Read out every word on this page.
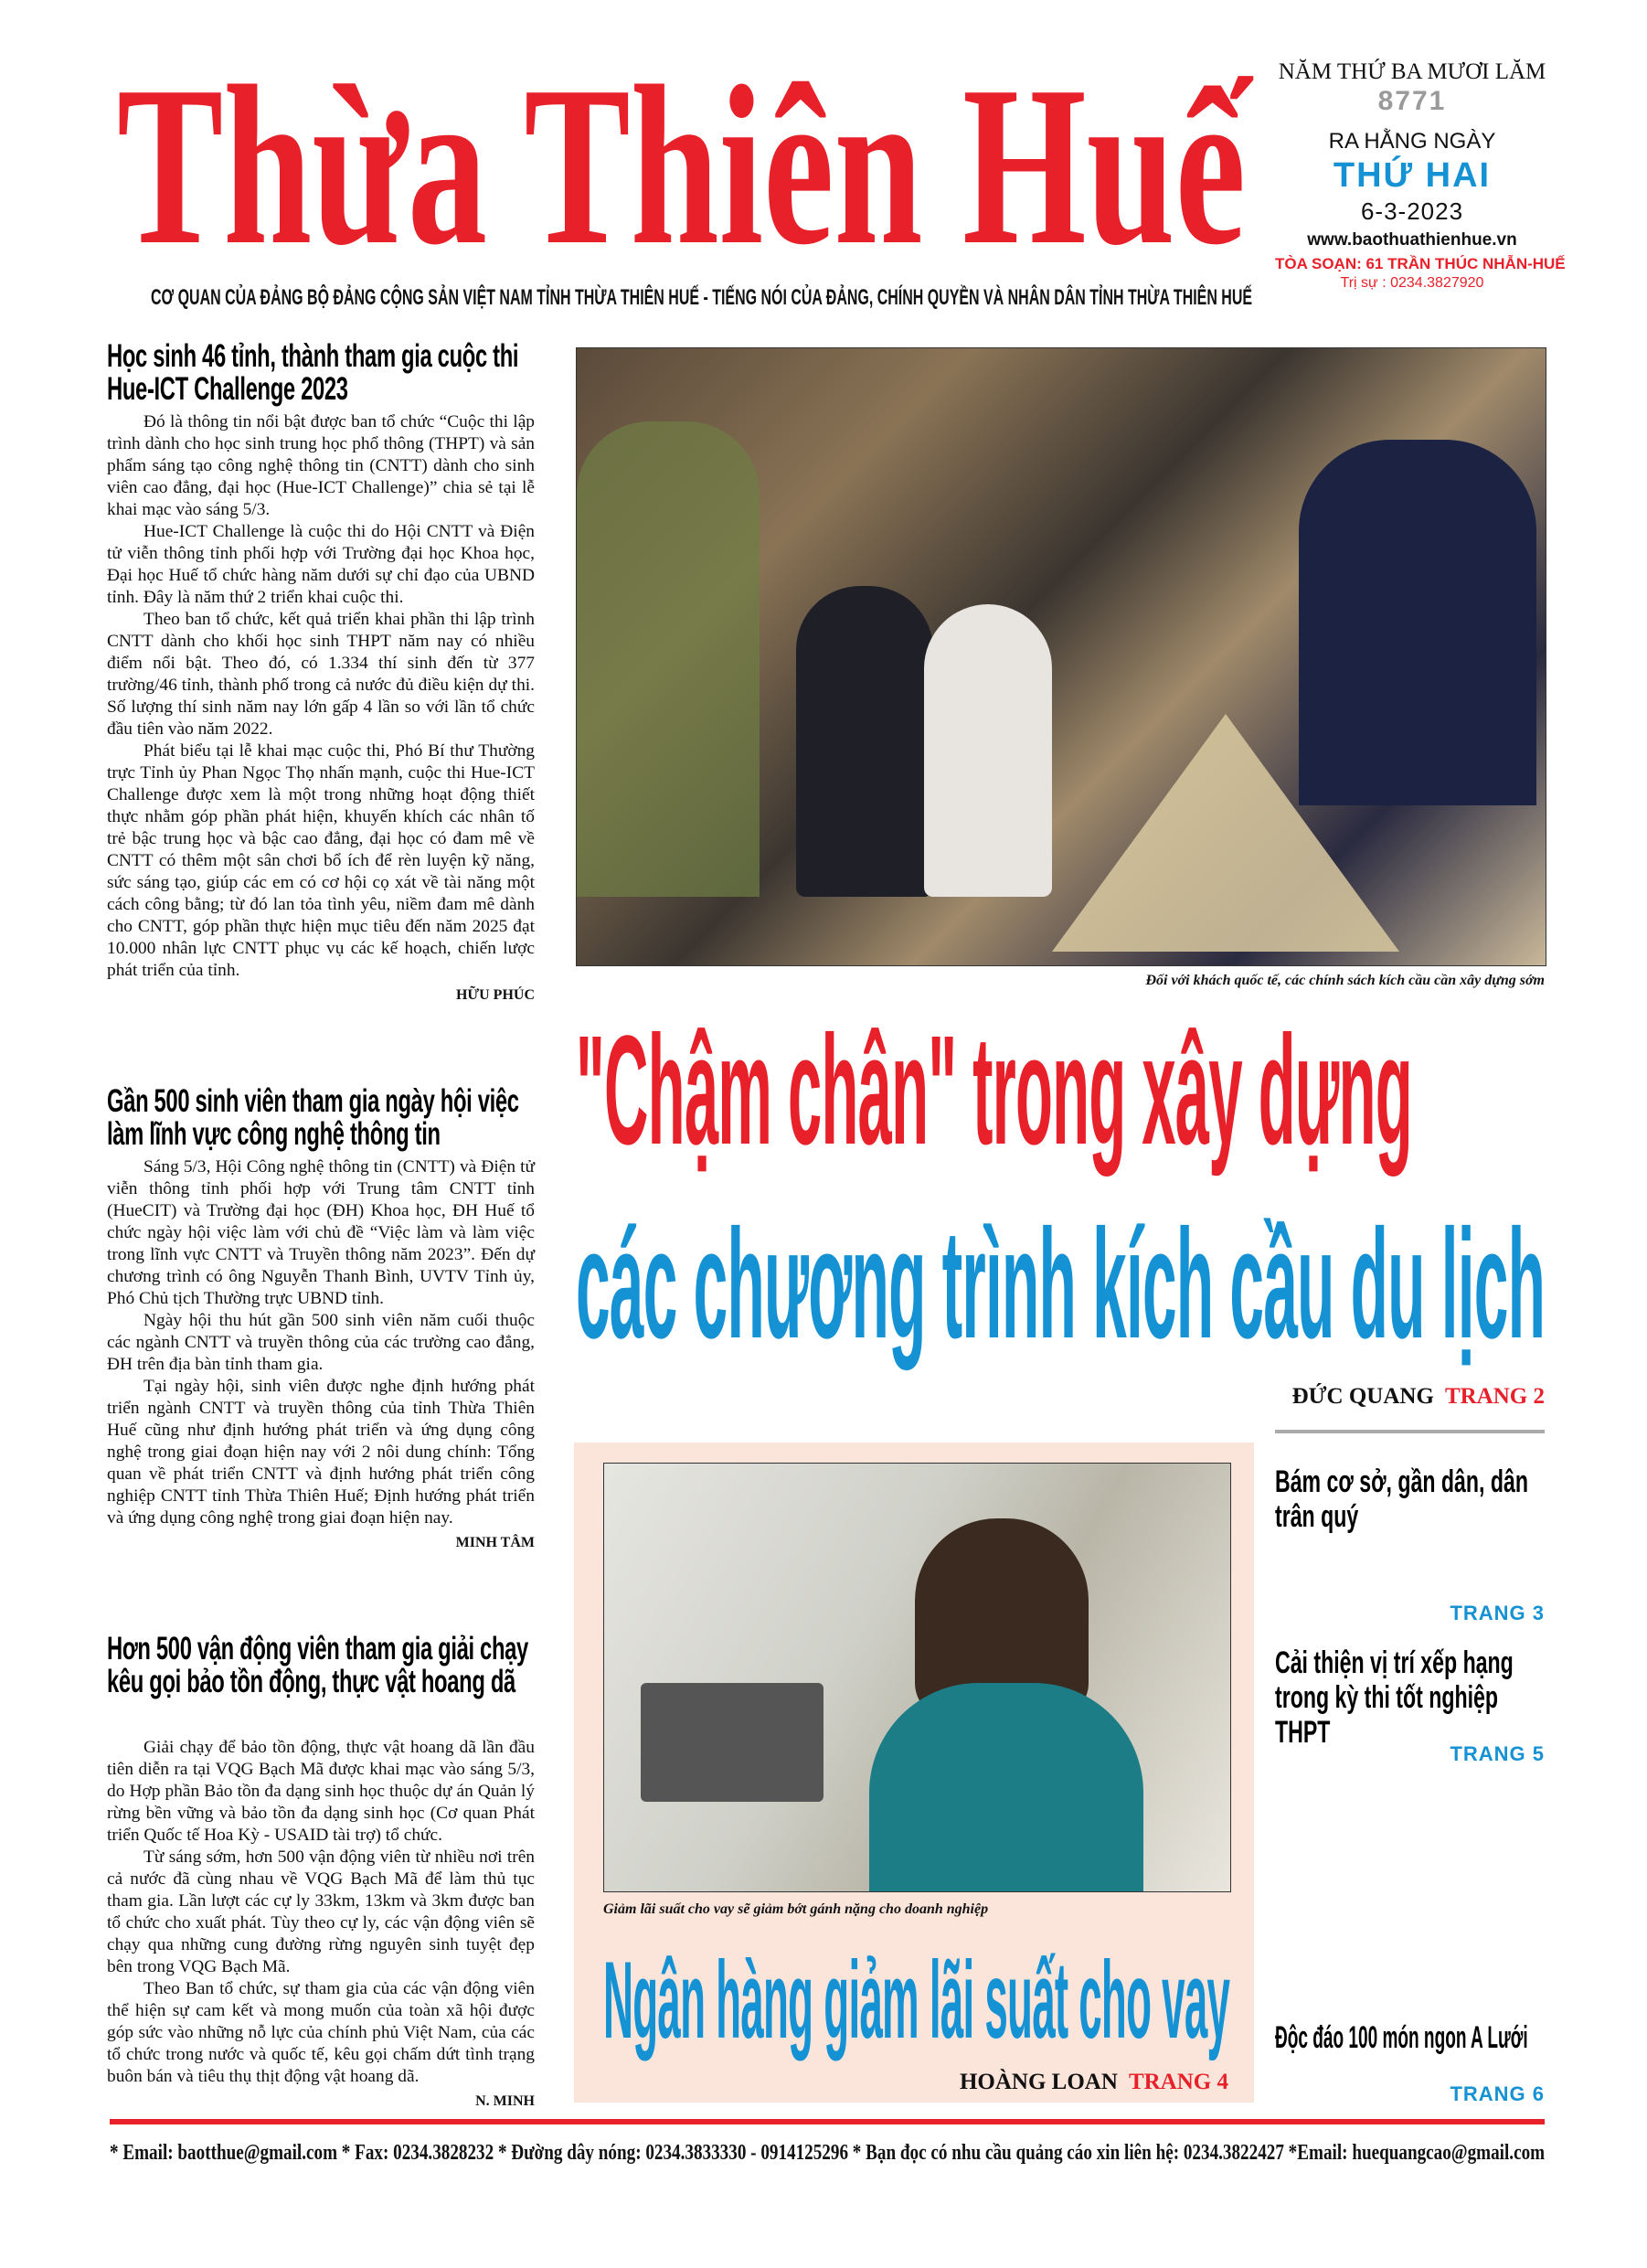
Thừa Thiên Huế
CƠ QUAN CỦA ĐẢNG BỘ ĐẢNG CỘNG SẢN VIỆT NAM TỈNH THỪA THIÊN HUẾ - TIẾNG NÓI CỦA ĐẢNG, CHÍNH QUYỀN VÀ NHÂN DÂN TỈNH THỪA THIÊN HUẾ
NĂM THỨ BA MƯƠI LĂM
8771
RA HẰNG NGÀY
THỨ HAI
6-3-2023
www.baothuathienhue.vn
TÒA SOẠN: 61 TRẦN THÚC NHẪN-HUẾ
Trị sự : 0234.3827920
Học sinh 46 tỉnh, thành tham gia cuộc thi Hue-ICT Challenge 2023

Đó là thông tin nổi bật được ban tổ chức “Cuộc thi lập trình dành cho học sinh trung học phổ thông (THPT) và sản phẩm sáng tạo công nghệ thông tin (CNTT) dành cho sinh viên cao đẳng, đại học (Hue-ICT Challenge)” chia sẻ tại lễ khai mạc vào sáng 5/3.

Hue-ICT Challenge là cuộc thi do Hội CNTT và Điện tử viễn thông tỉnh phối hợp với Trường đại học Khoa học, Đại học Huế tổ chức hàng năm dưới sự chỉ đạo của UBND tỉnh. Đây là năm thứ 2 triển khai cuộc thi.

Theo ban tổ chức, kết quả triển khai phần thi lập trình CNTT dành cho khối học sinh THPT năm nay có nhiều điểm nổi bật. Theo đó, có 1.334 thí sinh đến từ 377 trường/46 tỉnh, thành phố trong cả nước đủ điều kiện dự thi. Số lượng thí sinh năm nay lớn gấp 4 lần so với lần tổ chức đầu tiên vào năm 2022.

Phát biểu tại lễ khai mạc cuộc thi, Phó Bí thư Thường trực Tỉnh ủy Phan Ngọc Thọ nhấn mạnh, cuộc thi Hue-ICT Challenge được xem là một trong những hoạt động thiết thực nhằm góp phần phát hiện, khuyến khích các nhân tố trẻ bậc trung học và bậc cao đẳng, đại học có đam mê về CNTT có thêm một sân chơi bổ ích để rèn luyện kỹ năng, sức sáng tạo, giúp các em có cơ hội cọ xát về tài năng một cách công bằng; từ đó lan tỏa tình yêu, niềm đam mê dành cho CNTT, góp phần thực hiện mục tiêu đến năm 2025 đạt 10.000 nhân lực CNTT phục vụ các kế hoạch, chiến lược phát triển của tỉnh.

HỮU PHÚC
Gần 500 sinh viên tham gia ngày hội việc làm lĩnh vực công nghệ thông tin

Sáng 5/3, Hội Công nghệ thông tin (CNTT) và Điện tử viễn thông tỉnh phối hợp với Trung tâm CNTT tỉnh (HueCIT) và Trường đại học (ĐH) Khoa học, ĐH Huế tổ chức ngày hội việc làm với chủ đề “Việc làm và làm việc trong lĩnh vực CNTT và Truyền thông năm 2023”. Đến dự chương trình có ông Nguyễn Thanh Bình, UVTV Tỉnh ủy, Phó Chủ tịch Thường trực UBND tỉnh.

Ngày hội thu hút gần 500 sinh viên năm cuối thuộc các ngành CNTT và truyền thông của các trường cao đẳng, ĐH trên địa bàn tỉnh tham gia.

Tại ngày hội, sinh viên được nghe định hướng phát triển ngành CNTT và truyền thông của tỉnh Thừa Thiên Huế cũng như định hướng phát triển và ứng dụng công nghệ trong giai đoạn hiện nay với 2 nôi dung chính: Tổng quan về phát triển CNTT và định hướng phát triển công nghiệp CNTT tỉnh Thừa Thiên Huế; Định hướng phát triển và ứng dụng công nghệ trong giai đoạn hiện nay.

MINH TÂM
Hơn 500 vận động viên tham gia giải chạy kêu gọi bảo tồn động, thực vật hoang dã

Giải chạy để bảo tồn động, thực vật hoang dã lần đầu tiên diễn ra tại VQG Bạch Mã được khai mạc vào sáng 5/3, do Hợp phần Bảo tồn đa dạng sinh học thuộc dự án Quản lý rừng bền vững và bảo tồn đa dạng sinh học (Cơ quan Phát triển Quốc tế Hoa Kỳ - USAID tài trợ) tổ chức.

Từ sáng sớm, hơn 500 vận động viên từ nhiều nơi trên cả nước đã cùng nhau về VQG Bạch Mã để làm thủ tục tham gia. Lần lượt các cự ly 33km, 13km và 3km được ban tổ chức cho xuất phát. Tùy theo cự ly, các vận động viên sẽ chạy qua những cung đường rừng nguyên sinh tuyệt đẹp bên trong VQG Bạch Mã.

Theo Ban tổ chức, sự tham gia của các vận động viên thể hiện sự cam kết và mong muốn của toàn xã hội được góp sức vào những nỗ lực của chính phủ Việt Nam, của các tổ chức trong nước và quốc tế, kêu gọi chấm dứt tình trạng buôn bán và tiêu thụ thịt động vật hoang dã.

N. MINH
Đối với khách quốc tế, các chính sách kích cầu cần xây dựng sớm
"Chậm chân" trong xây dựng
các chương trình kích cầu du lịch
ĐỨC QUANG TRANG 2
Giảm lãi suất cho vay sẽ giảm bớt gánh nặng cho doanh nghiệp
Ngân hàng giảm lãi suất cho vay
HOÀNG LOAN TRANG 4
Bám cơ sở, gần dân, dân trân quý
TRANG 3
Cải thiện vị trí xếp hạng trong kỳ thi tốt nghiệp THPT
TRANG 5
Độc đáo 100 món ngon A Lưới
TRANG 6
* Email: baotthue@gmail.com * Fax: 0234.3828232 * Đường dây nóng: 0234.3833330 - 0914125296 * Bạn đọc có nhu cầu quảng cáo xin liên hệ: 0234.3822427 *Email: huequangcao@gmail.com
